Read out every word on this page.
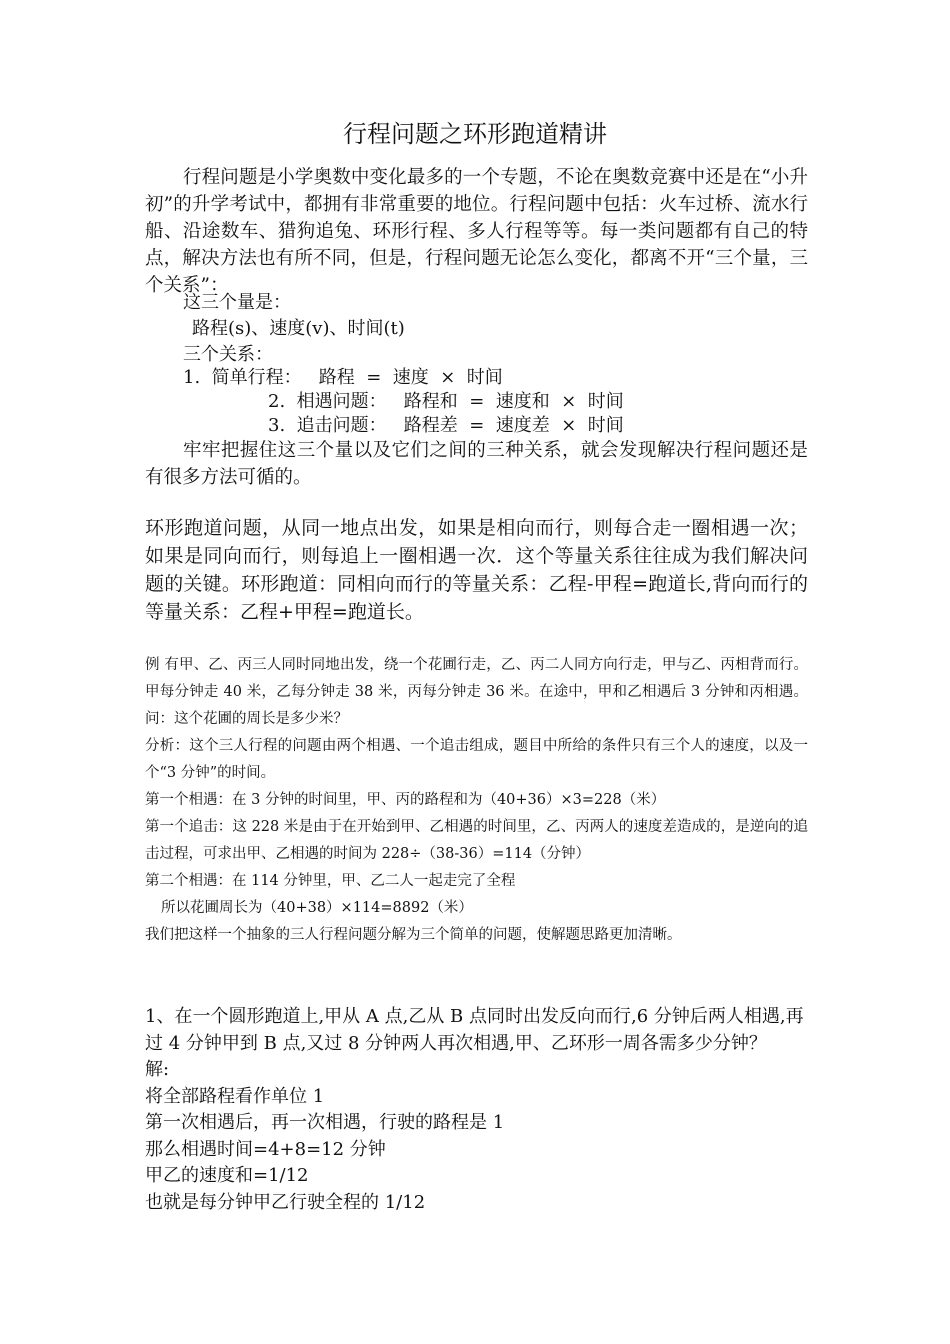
行程问题之环形跑道精讲

行程问题是小学奥数中变化最多的一个专题，不论在奥数竞赛中还是在“小升初”的升学考试中，都拥有非常重要的地位。行程问题中包括：火车过桥、流水行船、沿途数车、猎狗追兔、环形行程、多人行程等等。每一类问题都有自己的特点，解决方法也有所不同，但是，行程问题无论怎么变化，都离不开“三个量，三个关系”：

这三个量是：
路程(s)、速度(v)、时间(t)
三个关系：
1.  简单行程：   路程  =  速度  ×  时间
2.  相遇问题：   路程和  =  速度和  ×  时间
3.  追击问题：   路程差  =  速度差  ×  时间

牢牢把握住这三个量以及它们之间的三种关系，就会发现解决行程问题还是有很多方法可循的。

环形跑道问题，从同一地点出发，如果是相向而行，则每合走一圈相遇一次；如果是同向而行，则每追上一圈相遇一次．这个等量关系往往成为我们解决问题的关键。环形跑道：同相向而行的等量关系：乙程-甲程=跑道长,背向而行的等量关系：乙程+甲程=跑道长。

例 有甲、乙、丙三人同时同地出发，绕一个花圃行走，乙、丙二人同方向行走，甲与乙、丙相背而行。甲每分钟走 40 米，乙每分钟走 38 米，丙每分钟走 36 米。在途中，甲和乙相遇后 3 分钟和丙相遇。问：这个花圃的周长是多少米？

分析：这个三人行程的问题由两个相遇、一个追击组成，题目中所给的条件只有三个人的速度，以及一个“3 分钟”的时间。

第一个相遇：在 3 分钟的时间里，甲、丙的路程和为（40+36）×3=228（米）

第一个追击：这 228 米是由于在开始到甲、乙相遇的时间里，乙、丙两人的速度差造成的，是逆向的追击过程，可求出甲、乙相遇的时间为 228÷（38-36）=114（分钟）

第二个相遇：在 114 分钟里，甲、乙二人一起走完了全程

所以花圃周长为（40+38）×114=8892（米）

我们把这样一个抽象的三人行程问题分解为三个简单的问题，使解题思路更加清晰。

1、在一个圆形跑道上,甲从 A 点,乙从 B 点同时出发反向而行,6 分钟后两人相遇,再过 4 分钟甲到 B 点,又过 8 分钟两人再次相遇,甲、乙环形一周各需多少分钟？

解:

将全部路程看作单位 1

第一次相遇后，再一次相遇，行驶的路程是 1

那么相遇时间=4+8=12 分钟

甲乙的速度和=1/12

也就是每分钟甲乙行驶全程的 1/12
